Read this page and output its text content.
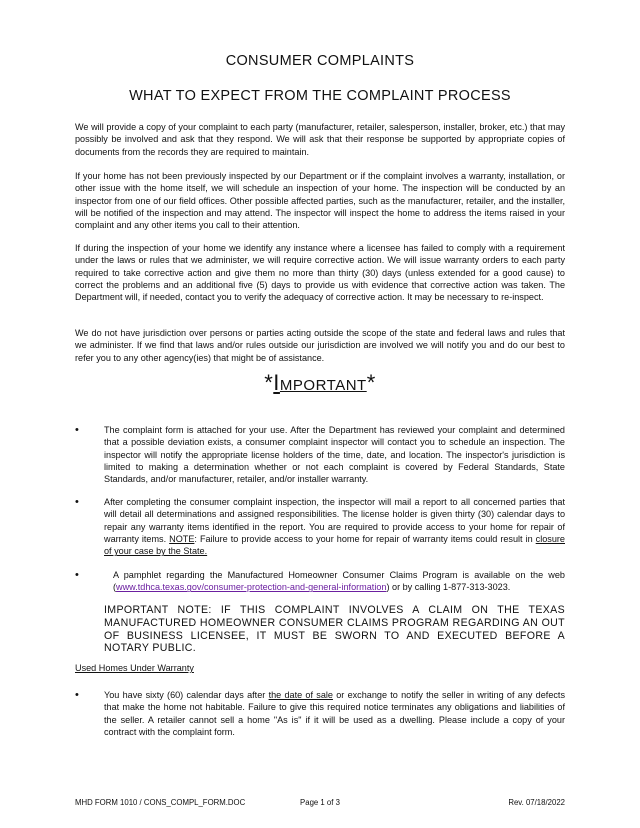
CONSUMER COMPLAINTS
WHAT TO EXPECT FROM THE COMPLAINT PROCESS

We will provide a copy of your complaint to each party (manufacturer, retailer, salesperson, installer, broker, etc.) that may possibly be involved and ask that they respond. We will ask that their response be supported by appropriate copies of documents from the records they are required to maintain.

If your home has not been previously inspected by our Department or if the complaint involves a warranty, installation, or other issue with the home itself, we will schedule an inspection of your home. The inspection will be conducted by an inspector from one of our field offices. Other possible affected parties, such as the manufacturer, retailer, and the installer, will be notified of the inspection and may attend. The inspector will inspect the home to address the items raised in your complaint and any other items you call to their attention.

If during the inspection of your home we identify any instance where a licensee has failed to comply with a requirement under the laws or rules that we administer, we will require corrective action. We will issue warranty orders to each party required to take corrective action and give them no more than thirty (30) days (unless extended for a good cause) to correct the problems and an additional five (5) days to provide us with evidence that corrective action was taken. The Department will, if needed, contact you to verify the adequacy of corrective action. It may be necessary to re-inspect.

We do not have jurisdiction over persons or parties acting outside the scope of the state and federal laws and rules that we administer. If we find that laws and/or rules outside our jurisdiction are involved we will notify you and do our best to refer you to any other agency(ies) that might be of assistance.

*IMPORTANT*
•	The complaint form is attached for your use. After the Department has reviewed your complaint and determined that a possible deviation exists, a consumer complaint inspector will contact you to schedule an inspection. The inspector will notify the appropriate license holders of the time, date, and location. The inspector's jurisdiction is limited to making a determination whether or not each complaint is covered by Federal Standards, State Standards, and/or manufacturer, retailer, and/or installer warranty.
•	After completing the consumer complaint inspection, the inspector will mail a report to all concerned parties that will detail all determinations and assigned responsibilities. The license holder is given thirty (30) calendar days to repair any warranty items identified in the report. You are required to provide access to your home for repair of warranty items. NOTE: Failure to provide access to your home for repair of warranty items could result in closure of your case by the State.
•	A pamphlet regarding the Manufactured Homeowner Consumer Claims Program is available on the web (www.tdhca.texas.gov/consumer-protection-and-general-information) or by calling 1-877-313-3023.
IMPORTANT NOTE: IF THIS COMPLAINT INVOLVES A CLAIM ON THE TEXAS MANUFACTURED HOMEOWNER CONSUMER CLAIMS PROGRAM REGARDING AN OUT OF BUSINESS LICENSEE, IT MUST BE SWORN TO AND EXECUTED BEFORE A NOTARY PUBLIC.
Used Homes Under Warranty
•	You have sixty (60) calendar days after the date of sale or exchange to notify the seller in writing of any defects that make the home not habitable. Failure to give this required notice terminates any obligations and liabilities of the seller. A retailer cannot sell a home "As is" if it will be used as a dwelling. Please include a copy of your contract with the complaint form.
MHD FORM 1010 / CONS_COMPL_FORM.DOC	Page 1 of 3	Rev. 07/18/2022
